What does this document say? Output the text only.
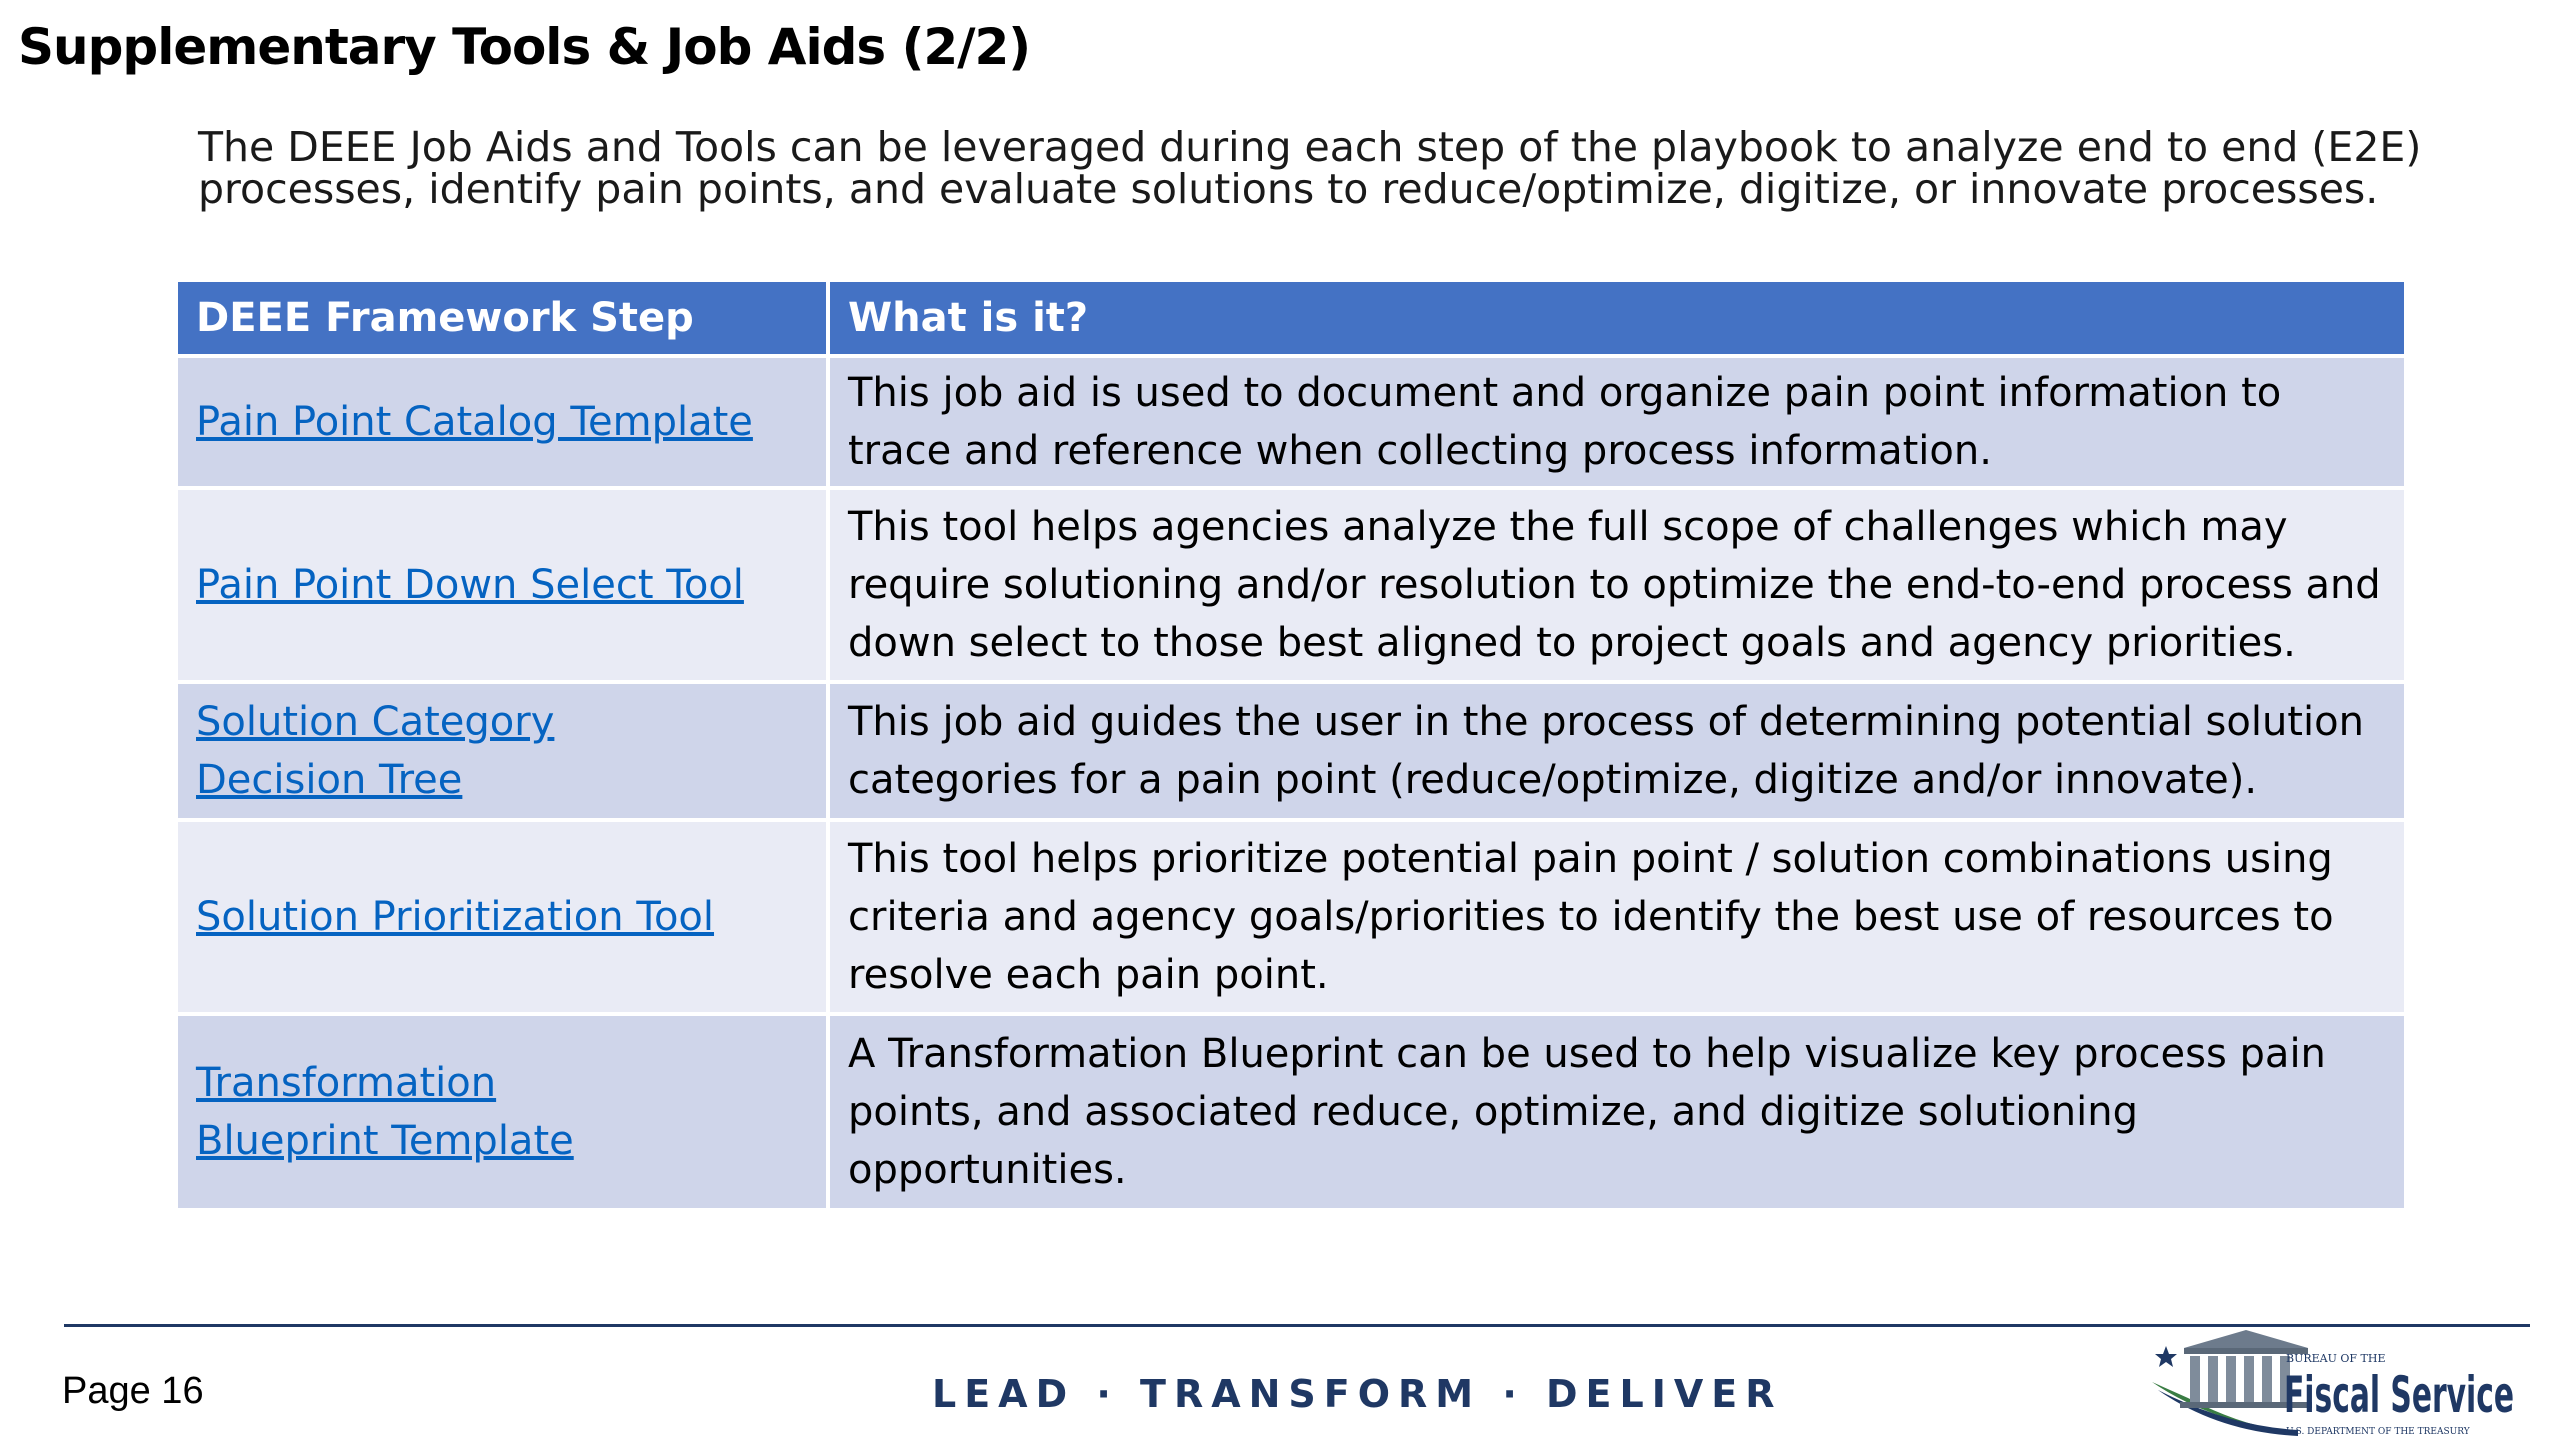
Supplementary Tools & Job Aids (2/2)
The DEEE Job Aids and Tools can be leveraged during each step of the playbook to analyze end to end (E2E) processes, identify pain points, and evaluate solutions to reduce/optimize, digitize, or innovate processes.
DEEE Framework Step	What is it?
Pain Point Catalog Template	This job aid is used to document and organize pain point information to trace and reference when collecting process information.
Pain Point Down Select Tool	This tool helps agencies analyze the full scope of challenges which may require solutioning and/or resolution to optimize the end-to-end process and down select to those best aligned to project goals and agency priorities.
Solution Category Decision Tree	This job aid guides the user in the process of determining potential solution categories for a pain point (reduce/optimize, digitize and/or innovate).
Solution Prioritization Tool	This tool helps prioritize potential pain point / solution combinations using criteria and agency goals/priorities to identify the best use of resources to resolve each pain point.
Transformation Blueprint Template	A Transformation Blueprint can be used to help visualize key process pain points, and associated reduce, optimize, and digitize solutioning opportunities.
Page 16	LEAD · TRANSFORM · DELIVER
BUREAU OF THE
Fiscal Service
U.S. DEPARTMENT OF THE TREASURY
